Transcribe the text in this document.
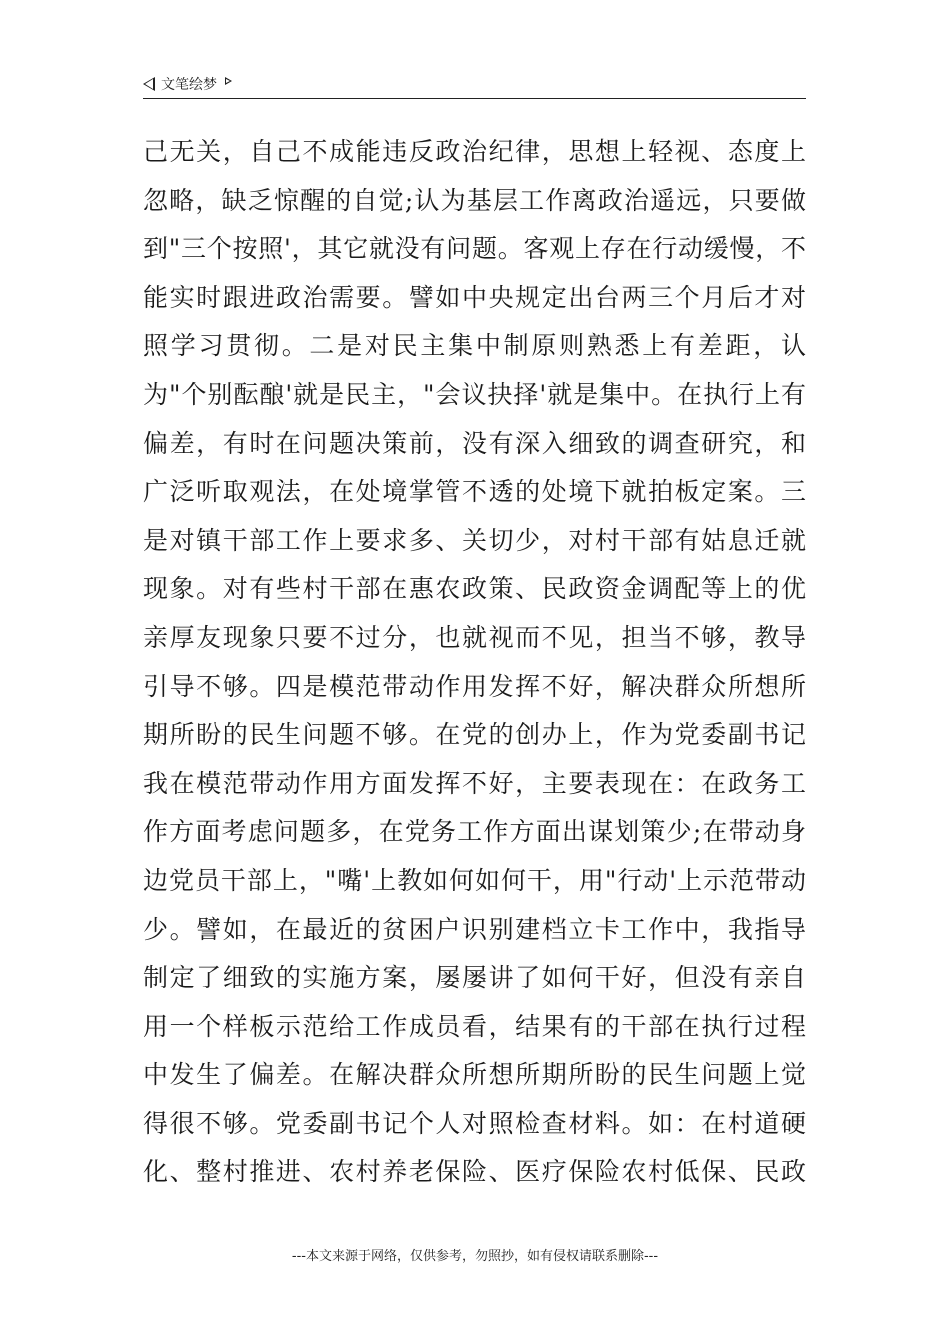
文笔绘梦
己无关，自己不成能违反政治纪律，思想上轻视、态度上
忽略，缺乏惊醒的自觉;认为基层工作离政治遥远，只要做
到"三个按照'，其它就没有问题。客观上存在行动缓慢，不
能实时跟进政治需要。譬如中央规定出台两三个月后才对
照学习贯彻。二是对民主集中制原则熟悉上有差距，认
为"个别酝酿'就是民主，"会议抉择'就是集中。在执行上有
偏差，有时在问题决策前，没有深入细致的调查研究，和
广泛听取观法，在处境掌管不透的处境下就拍板定案。三
是对镇干部工作上要求多、关切少，对村干部有姑息迁就
现象。对有些村干部在惠农政策、民政资金调配等上的优
亲厚友现象只要不过分，也就视而不见，担当不够，教导
引导不够。四是模范带动作用发挥不好，解决群众所想所
期所盼的民生问题不够。在党的创办上，作为党委副书记
我在模范带动作用方面发挥不好，主要表现在：在政务工
作方面考虑问题多，在党务工作方面出谋划策少;在带动身
边党员干部上，"嘴'上教如何如何干，用"行动'上示范带动
少。譬如，在最近的贫困户识别建档立卡工作中，我指导
制定了细致的实施方案，屡屡讲了如何干好，但没有亲自
用一个样板示范给工作成员看，结果有的干部在执行过程
中发生了偏差。在解决群众所想所期所盼的民生问题上觉
得很不够。党委副书记个人对照检查材料。如：在村道硬
化、整村推进、农村养老保险、医疗保险农村低保、民政
---本文来源于网络，仅供参考，勿照抄，如有侵权请联系删除---
